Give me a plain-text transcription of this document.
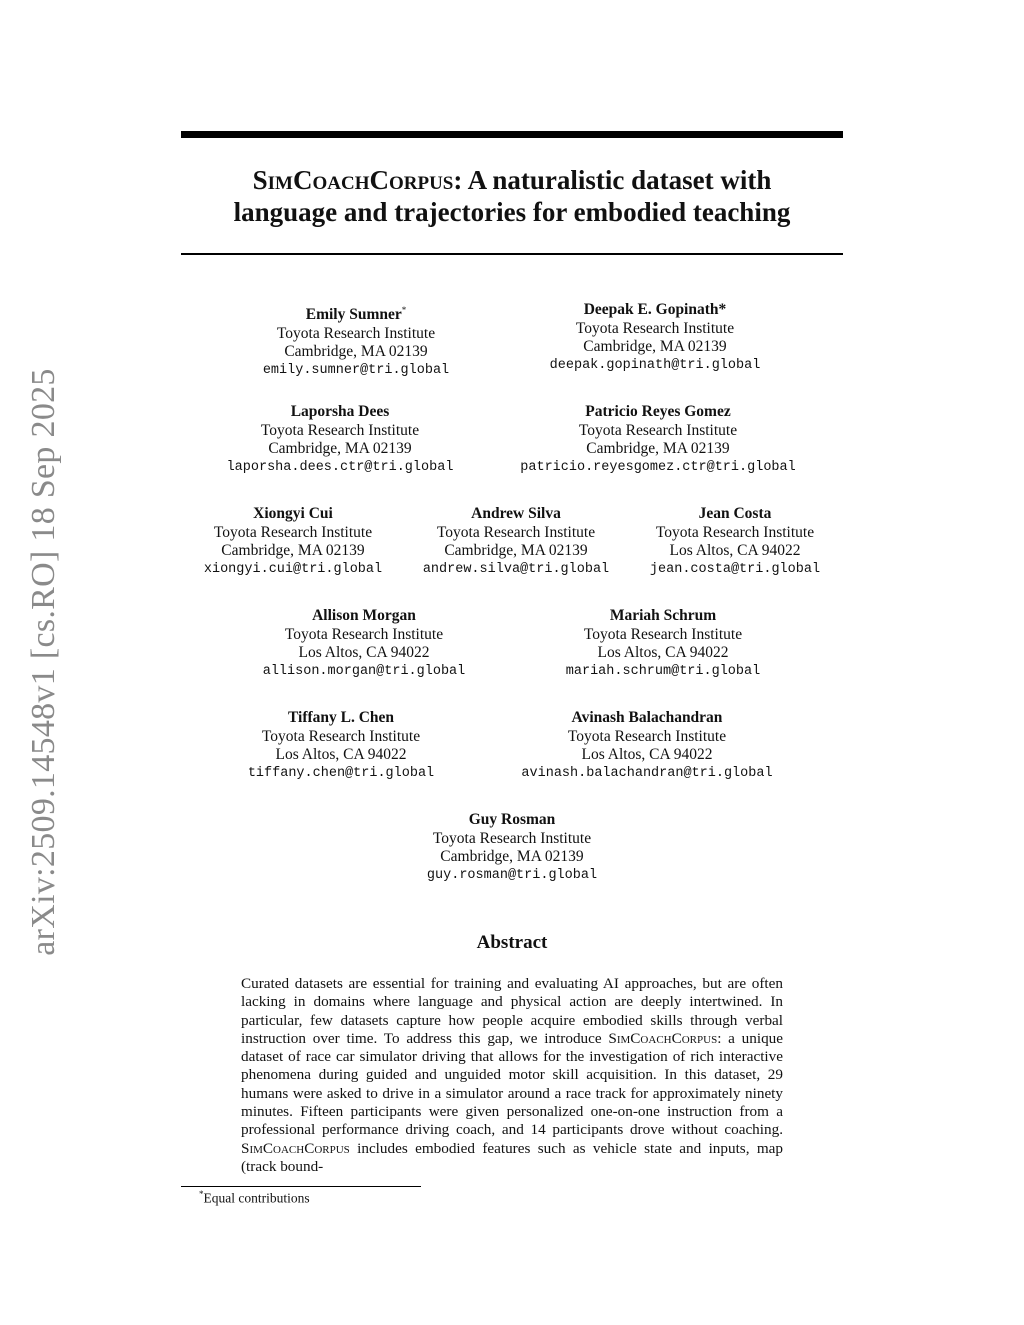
arXiv:2509.14548v1 [cs.RO] 18 Sep 2025
SimCoachCorpus: A naturalistic dataset with
language and trajectories for embodied teaching
Emily Sumner*
Toyota Research Institute
Cambridge, MA 02139
emily.sumner@tri.global
Deepak E. Gopinath*
Toyota Research Institute
Cambridge, MA 02139
deepak.gopinath@tri.global
Laporsha Dees
Toyota Research Institute
Cambridge, MA 02139
laporsha.dees.ctr@tri.global
Patricio Reyes Gomez
Toyota Research Institute
Cambridge, MA 02139
patricio.reyesgomez.ctr@tri.global
Xiongyi Cui
Toyota Research Institute
Cambridge, MA 02139
xiongyi.cui@tri.global
Andrew Silva
Toyota Research Institute
Cambridge, MA 02139
andrew.silva@tri.global
Jean Costa
Toyota Research Institute
Los Altos, CA 94022
jean.costa@tri.global
Allison Morgan
Toyota Research Institute
Los Altos, CA 94022
allison.morgan@tri.global
Mariah Schrum
Toyota Research Institute
Los Altos, CA 94022
mariah.schrum@tri.global
Tiffany L. Chen
Toyota Research Institute
Los Altos, CA 94022
tiffany.chen@tri.global
Avinash Balachandran
Toyota Research Institute
Los Altos, CA 94022
avinash.balachandran@tri.global
Guy Rosman
Toyota Research Institute
Cambridge, MA 02139
guy.rosman@tri.global
Abstract
Curated datasets are essential for training and evaluating AI approaches, but are often lacking in domains where language and physical action are deeply intertwined. In particular, few datasets capture how people acquire embodied skills through verbal instruction over time. To address this gap, we introduce SimCoachCorpus: a unique dataset of race car simulator driving that allows for the investigation of rich interactive phenomena during guided and unguided motor skill acquisition. In this dataset, 29 humans were asked to drive in a simulator around a race track for approximately ninety minutes. Fifteen participants were given personalized one-on-one instruction from a professional performance driving coach, and 14 participants drove without coaching. SimCoachCorpus includes embodied features such as vehicle state and inputs, map (track bound-
*Equal contributions
